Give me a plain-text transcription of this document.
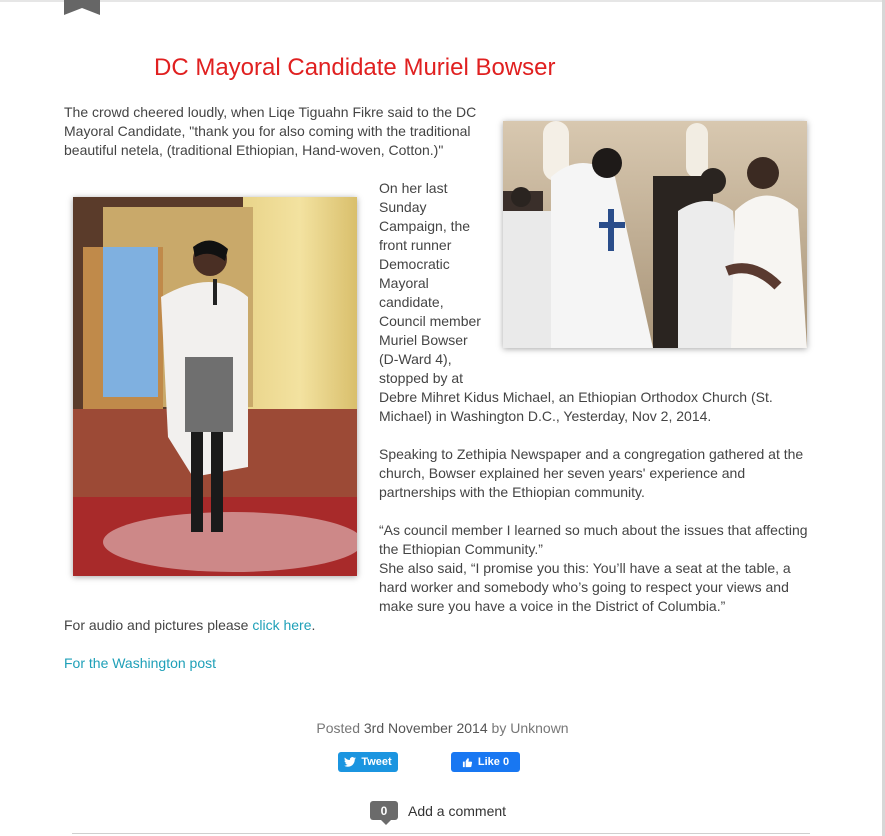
DC Mayoral Candidate Muriel Bowser

The crowd cheered loudly, when Liqe Tiguahn Fikre said to the DC Mayoral Candidate, "thank you for also coming with the traditional beautiful netela, (traditional Ethiopian, Hand-woven, Cotton.)"

On her last
Sunday
Campaign, the
front runner
Democratic
Mayoral
candidate,
Council member
Muriel Bowser
(D-Ward 4),
stopped by at

Debre Mihret Kidus Michael, an Ethiopian Orthodox Church (St. Michael) in Washington D.C., Yesterday, Nov 2, 2014.

Speaking to Zethipia Newspaper and a congregation gathered at the church, Bowser explained her seven years' experience and partnerships with the Ethiopian community.

“As council member I learned so much about the issues that affecting the Ethiopian Community.”

She also said, “I promise you this: You’ll have a seat at the table, a hard worker and somebody who’s going to respect your views and make sure you have a voice in the District of Columbia.”

For audio and pictures please click here.

For the Washington post

Posted 3rd November 2014 by Unknown
Tweet	Like 0
0 Add a comment
